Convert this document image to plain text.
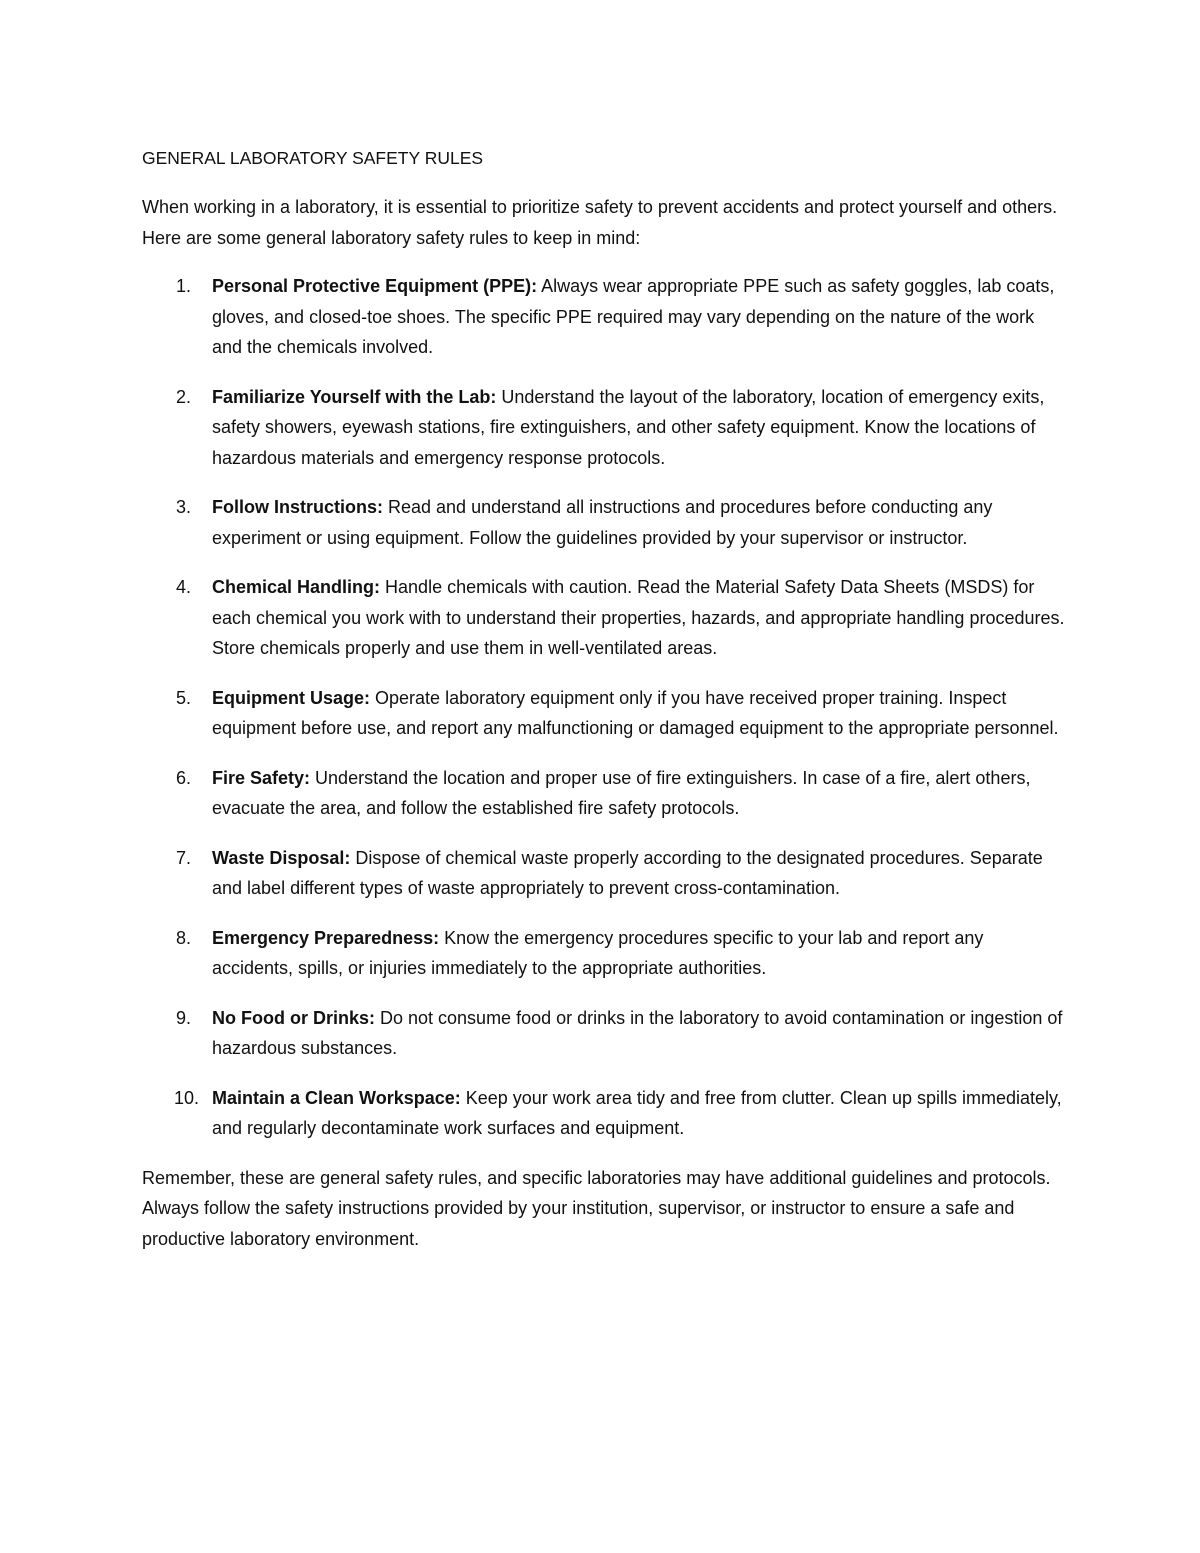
GENERAL LABORATORY SAFETY RULES

When working in a laboratory, it is essential to prioritize safety to prevent accidents and protect yourself and others. Here are some general laboratory safety rules to keep in mind:

1.	Personal Protective Equipment (PPE): Always wear appropriate PPE such as safety goggles, lab coats, gloves, and closed-toe shoes. The specific PPE required may vary depending on the nature of the work and the chemicals involved.
2.	Familiarize Yourself with the Lab: Understand the layout of the laboratory, location of emergency exits, safety showers, eyewash stations, fire extinguishers, and other safety equipment. Know the locations of hazardous materials and emergency response protocols.
3.	Follow Instructions: Read and understand all instructions and procedures before conducting any experiment or using equipment. Follow the guidelines provided by your supervisor or instructor.
4.	Chemical Handling: Handle chemicals with caution. Read the Material Safety Data Sheets (MSDS) for each chemical you work with to understand their properties, hazards, and appropriate handling procedures. Store chemicals properly and use them in well-ventilated areas.
5.	Equipment Usage: Operate laboratory equipment only if you have received proper training. Inspect equipment before use, and report any malfunctioning or damaged equipment to the appropriate personnel.
6.	Fire Safety: Understand the location and proper use of fire extinguishers. In case of a fire, alert others, evacuate the area, and follow the established fire safety protocols.
7.	Waste Disposal: Dispose of chemical waste properly according to the designated procedures. Separate and label different types of waste appropriately to prevent cross-contamination.
8.	Emergency Preparedness: Know the emergency procedures specific to your lab and report any accidents, spills, or injuries immediately to the appropriate authorities.
9.	No Food or Drinks: Do not consume food or drinks in the laboratory to avoid contamination or ingestion of hazardous substances.
10. Maintain a Clean Workspace: Keep your work area tidy and free from clutter. Clean up spills immediately, and regularly decontaminate work surfaces and equipment.

Remember, these are general safety rules, and specific laboratories may have additional guidelines and protocols. Always follow the safety instructions provided by your institution, supervisor, or instructor to ensure a safe and productive laboratory environment.
